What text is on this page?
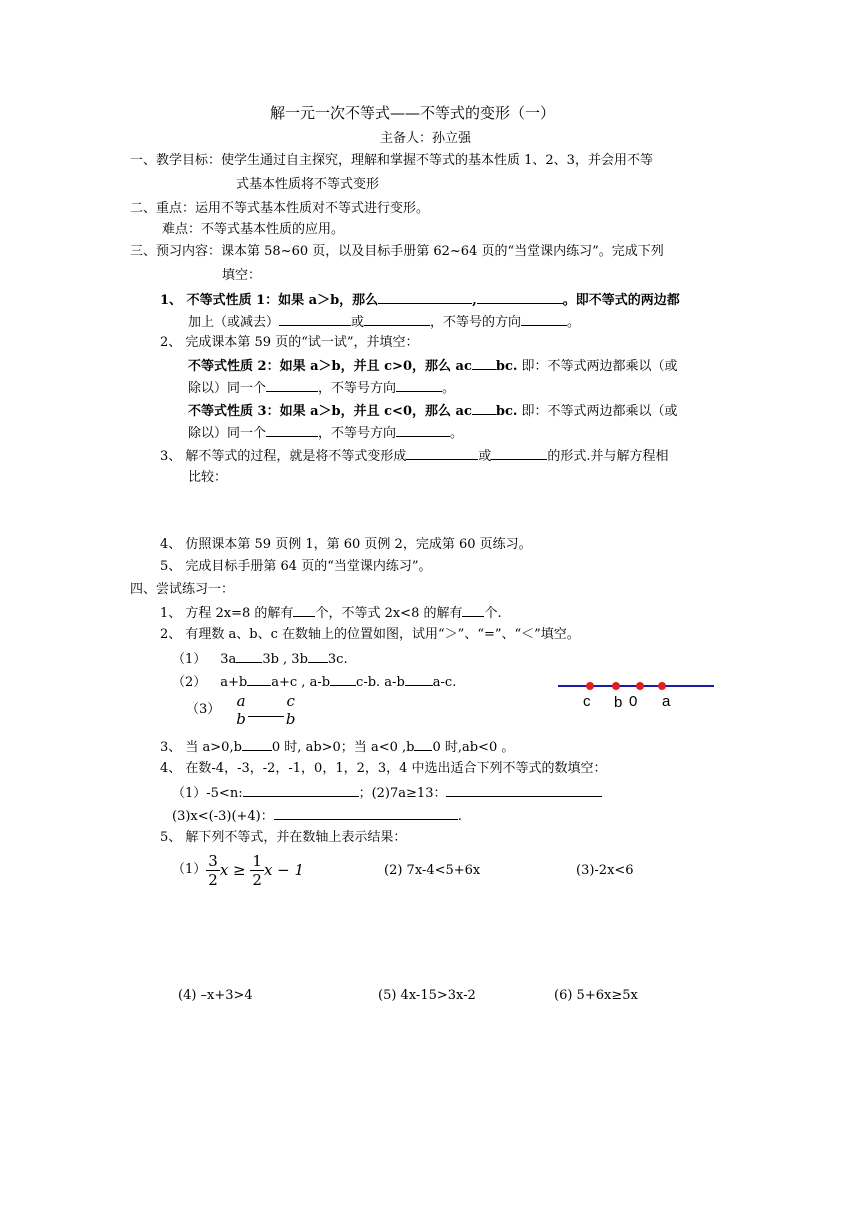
解一元一次不等式——不等式的变形（一）
主备人：孙立强
一、教学目标：使学生通过自主探究，理解和掌握不等式的基本性质 1、2、3，并会用不等
式基本性质将不等式变形
二、重点：运用不等式基本性质对不等式进行变形。
难点：不等式基本性质的应用。
三、预习内容：课本第 58~60 页，以及目标手册第 62~64 页的“当堂课内练习”。完成下列
填空：
1、 不等式性质 1：如果 a＞b，那么	,	。即不等式的两边都
加上（或减去）	或	，不等号的方向	。
2、 完成课本第 59 页的“试一试”，并填空：
不等式性质 2：如果 a＞b，并且 c>0，那么 ac bc. 即：不等式两边都乘以（或
除以）同一个	，不等号方向	。
不等式性质 3：如果 a＞b，并且 c<0，那么 ac bc. 即：不等式两边都乘以（或
除以）同一个	，不等号方向	。
3、 解不等式的过程，就是将不等式变形成	或	的形式.并与解方程相
比较：
4、 仿照课本第 59 页例 1，第 60 页例 2，完成第 60 页练习。
5、 完成目标手册第 64 页的“当堂课内练习”。
四、尝试练习一：
1、 方程 2x=8 的解有 个，不等式 2x<8 的解有 个.
2、 有理数 a、b、c 在数轴上的位置如图，试用“＞”、“=”、“＜”填空。
（1） 3a 3b , 3b 3c.
（2） a+b a+c , a-b c-b. a-b a-c.
c b 0 a
（3） a
b
c
b
3、 当 a>0,b 0 时, ab>0；当 a<0 ,b 0 时,ab<0 。
4、 在数-4，-3，-2，-1，0，1，2，3，4 中选出适合下列不等式的数填空：
（1）-5<n:	；(2)7a≥13：
(3)x<(-3)(+4)：	.
5、 解下列不等式，并在数轴上表示结果：
$(1) \frac{3}{2}$ $x \ge \frac{1}{2}$ x − 1	(2) 7x-4<5+6x	(3)-2x<6
(4) –x+3>4	(5) 4x-15>3x-2	(6) 5+6x≥5x
